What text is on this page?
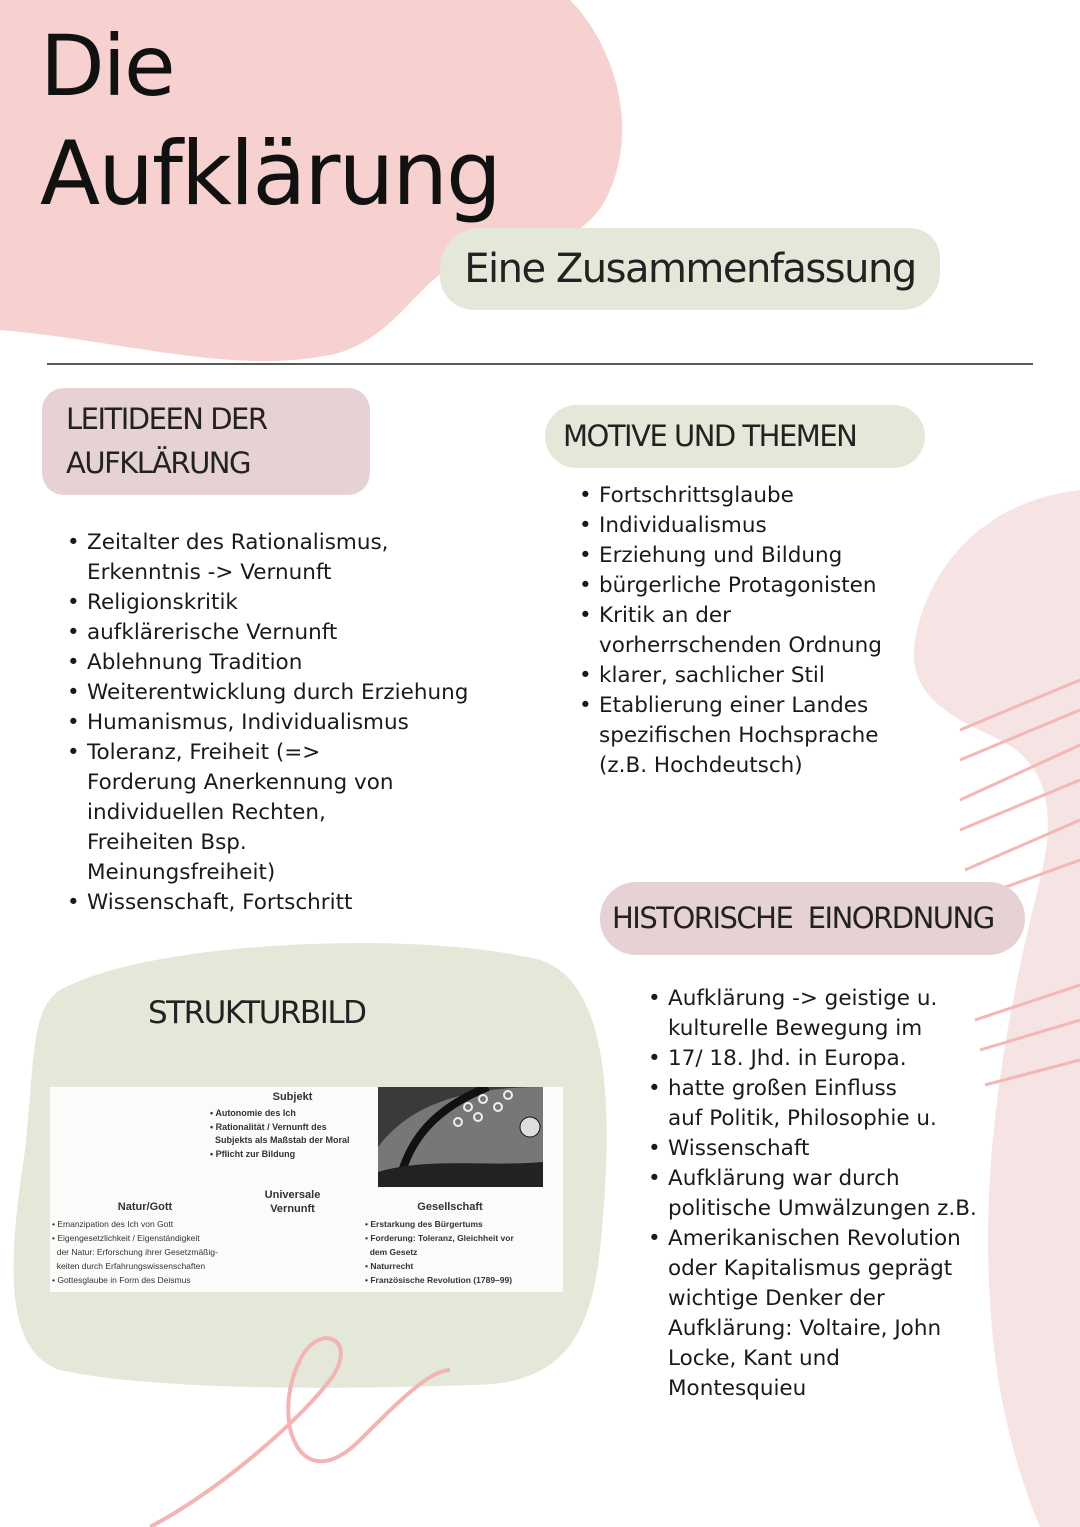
Die
Aufklärung
Eine Zusammenfassung
LEITIDEEN DER
AUFKLÄRUNG
• Zeitalter des Rationalismus, Erkenntnis -> Vernunft
• Religionskritik
• aufklärerische Vernunft
• Ablehnung Tradition
• Weiterentwicklung durch Erziehung
• Humanismus, Individualismus
• Toleranz, Freiheit (=> Forderung Anerkennung von individuellen Rechten, Freiheiten Bsp. Meinungsfreiheit)
• Wissenschaft, Fortschritt
MOTIVE UND THEMEN
• Fortschrittsglaube
• Individualismus
• Erziehung und Bildung
• bürgerliche Protagonisten
• Kritik an der vorherrschenden Ordnung
• klarer, sachlicher Stil
• Etablierung einer Landes spezifischen Hochsprache (z.B. Hochdeutsch)
HISTORISCHE  EINORDNUNG
• Aufklärung -> geistige u. kulturelle Bewegung im
• 17/ 18. Jhd. in Europa.
• hatte großen Einfluss auf Politik, Philosophie u.
• Wissenschaft
• Aufklärung war durch politische Umwälzungen z.B.
• Amerikanischen Revolution oder Kapitalismus geprägt wichtige Denker der Aufklärung: Voltaire, John Locke, Kant und Montesquieu
STRUKTURBILD
Subjekt
• Autonomie des Ich
• Rationalität / Vernunft des
Subjekts als Maßstab der Moral
• Pflicht zur Bildung
Universale Vernunft
Natur/Gott
• Emanzipation des Ich von Gott
• Eigengesetzlichkeit / Eigenständigkeit
der Natur: Erforschung ihrer Gesetzmäßig-
keiten durch Erfahrungswissenschaften
• Gottesglaube in Form des Deismus
Gesellschaft
• Erstarkung des Bürgertums
• Forderung: Toleranz, Gleichheit vor
dem Gesetz
• Naturrecht
• Französische Revolution (1789–99)
